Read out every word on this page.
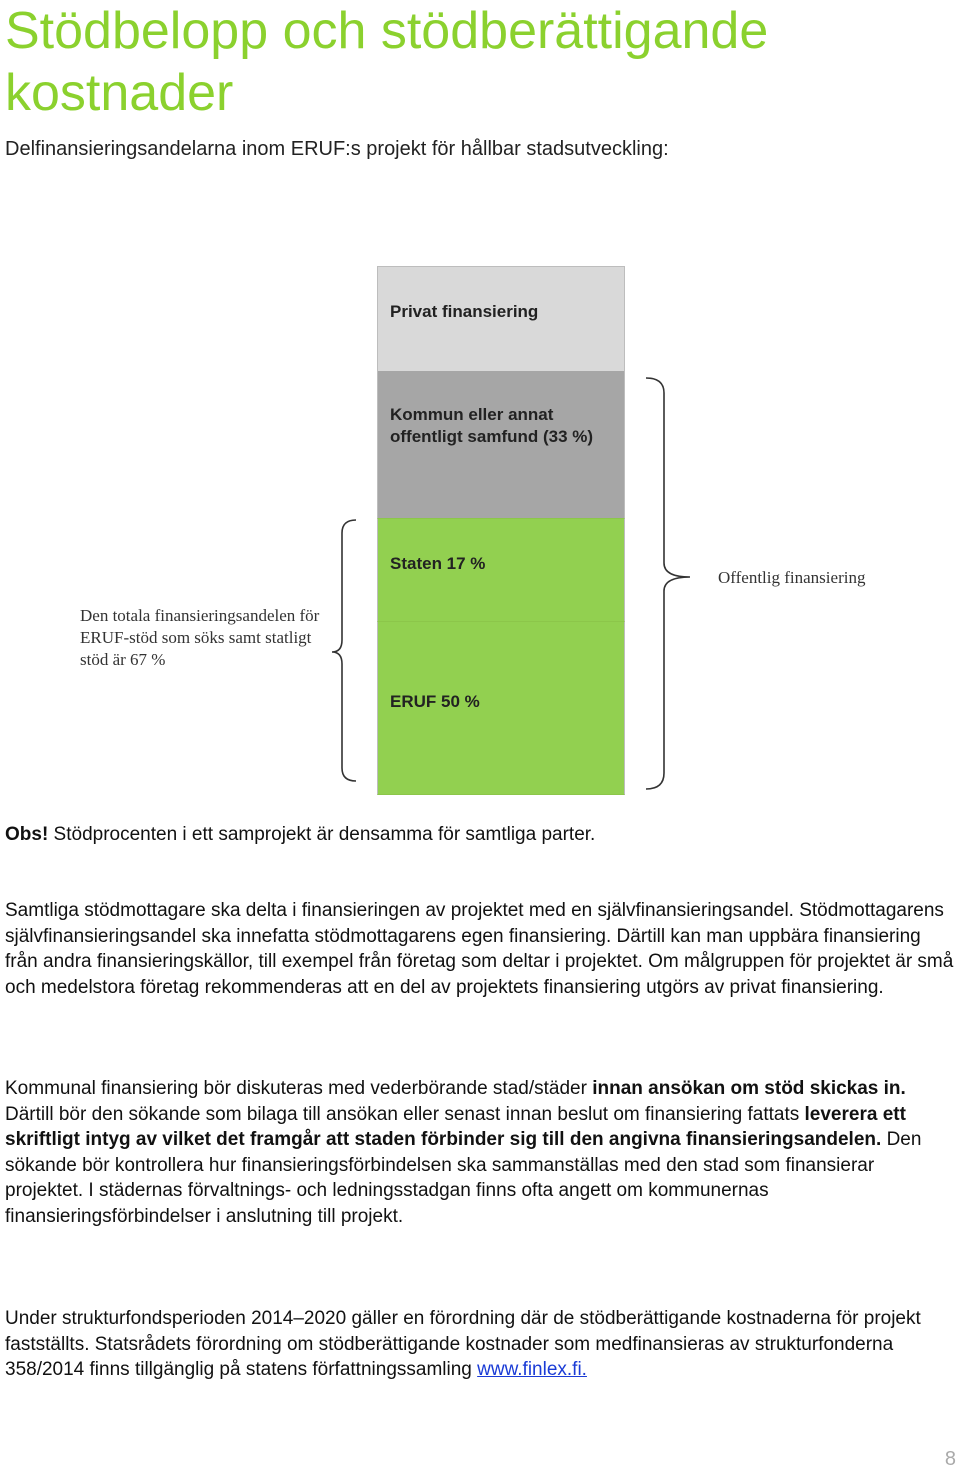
Stödbelopp och stödberättigande
kostnader
Delfinansieringsandelarna inom ERUF:s projekt för hållbar stadsutveckling:
Privat finansiering
Kommun eller annat offentligt samfund (33 %)
Staten 17 %
ERUF 50 %
Den totala finansieringsandelen för ERUF-stöd som söks samt statligt stöd är 67 %
Offentlig finansiering

Obs! Stödprocenten i ett samprojekt är densamma för samtliga parter.

Samtliga stödmottagare ska delta i finansieringen av projektet med en självfinansieringsandel. Stödmottagarens självfinansieringsandel ska innefatta stödmottagarens egen finansiering. Därtill kan man uppbära finansiering från andra finansieringskällor, till exempel från företag som deltar i projektet. Om målgruppen för projektet är små och medelstora företag rekommenderas att en del av projektets finansiering utgörs av privat finansiering.

Kommunal finansiering bör diskuteras med vederbörande stad/städer innan ansökan om stöd skickas in. Därtill bör den sökande som bilaga till ansökan eller senast innan beslut om finansiering fattats leverera ett skriftligt intyg av vilket det framgår att staden förbinder sig till den angivna finansieringsandelen. Den sökande bör kontrollera hur finansieringsförbindelsen ska sammanställas med den stad som finansierar projektet. I städernas förvaltnings- och ledningsstadgan finns ofta angett om kommunernas finansieringsförbindelser i anslutning till projekt.

Under strukturfondsperioden 2014–2020 gäller en förordning där de stödberättigande kostnaderna för projekt fastställts. Statsrådets förordning om stödberättigande kostnader som medfinansieras av strukturfonderna 358/2014 finns tillgänglig på statens författningssamling www.finlex.fi.

8
